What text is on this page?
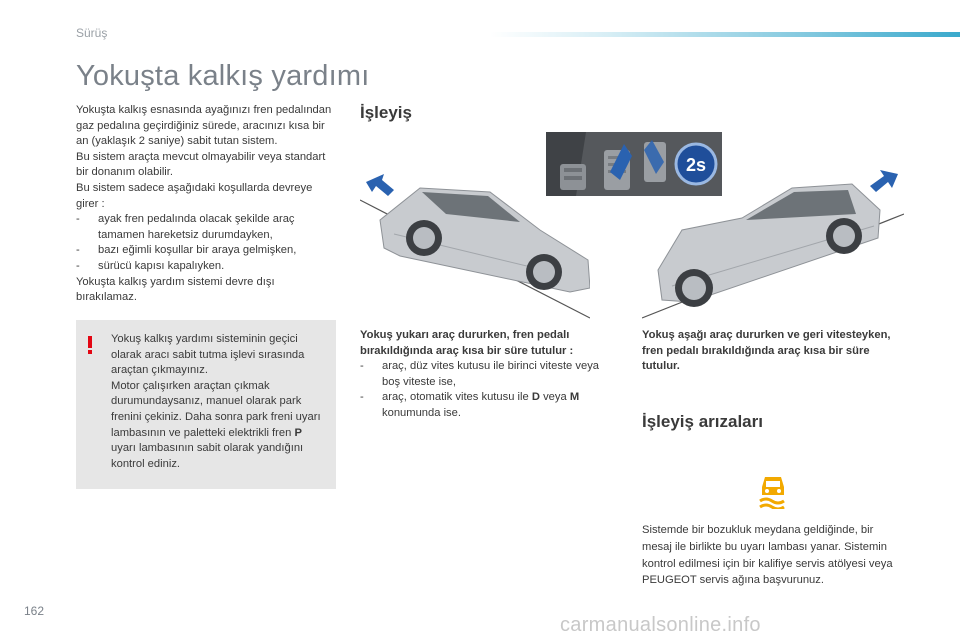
Sürüş
Yokuşta kalkış yardımı

Yokuşta kalkış esnasında ayağınızı fren pedalından gaz pedalına geçirdiğiniz sürede, aracınızı kısa bir an (yaklaşık 2 saniye) sabit tutan sistem.

Bu sistem araçta mevcut olmayabilir veya standart bir donanım olabilir.

Bu sistem sadece aşağıdaki koşullarda devreye girer :

- ayak fren pedalında olacak şekilde araç tamamen hareketsiz durumdayken,
- bazı eğimli koşullar bir araya gelmişken,
- sürücü kapısı kapalıyken.

Yokuşta kalkış yardım sistemi devre dışı bırakılamaz.

Yokuş kalkış yardımı sisteminin geçici olarak aracı sabit tutma işlevi sırasında araçtan çıkmayınız.

Motor çalışırken araçtan çıkmak durumundaysanız, manuel olarak park frenini çekiniz. Daha sonra park freni uyarı lambasının ve paletteki elektrikli fren P uyarı lambasının sabit olarak yandığını kontrol ediniz.

İşleyiş
2s
Yokuş yukarı araç dururken, fren pedalı bırakıldığında araç kısa bir süre tutulur :
- araç, düz vites kutusu ile birinci viteste veya boş viteste ise,
- araç, otomatik vites kutusu ile D veya M konumunda ise.
Yokuş aşağı araç dururken ve geri vitesteyken, fren pedalı bırakıldığında araç kısa bir süre tutulur.
İşleyiş arızaları
Sistemde bir bozukluk meydana geldiğinde, bir mesaj ile birlikte bu uyarı lambası yanar. Sistemin kontrol edilmesi için bir kalifiye servis atölyesi veya PEUGEOT servis ağına başvurunuz.
162
carmanualsonline.info
